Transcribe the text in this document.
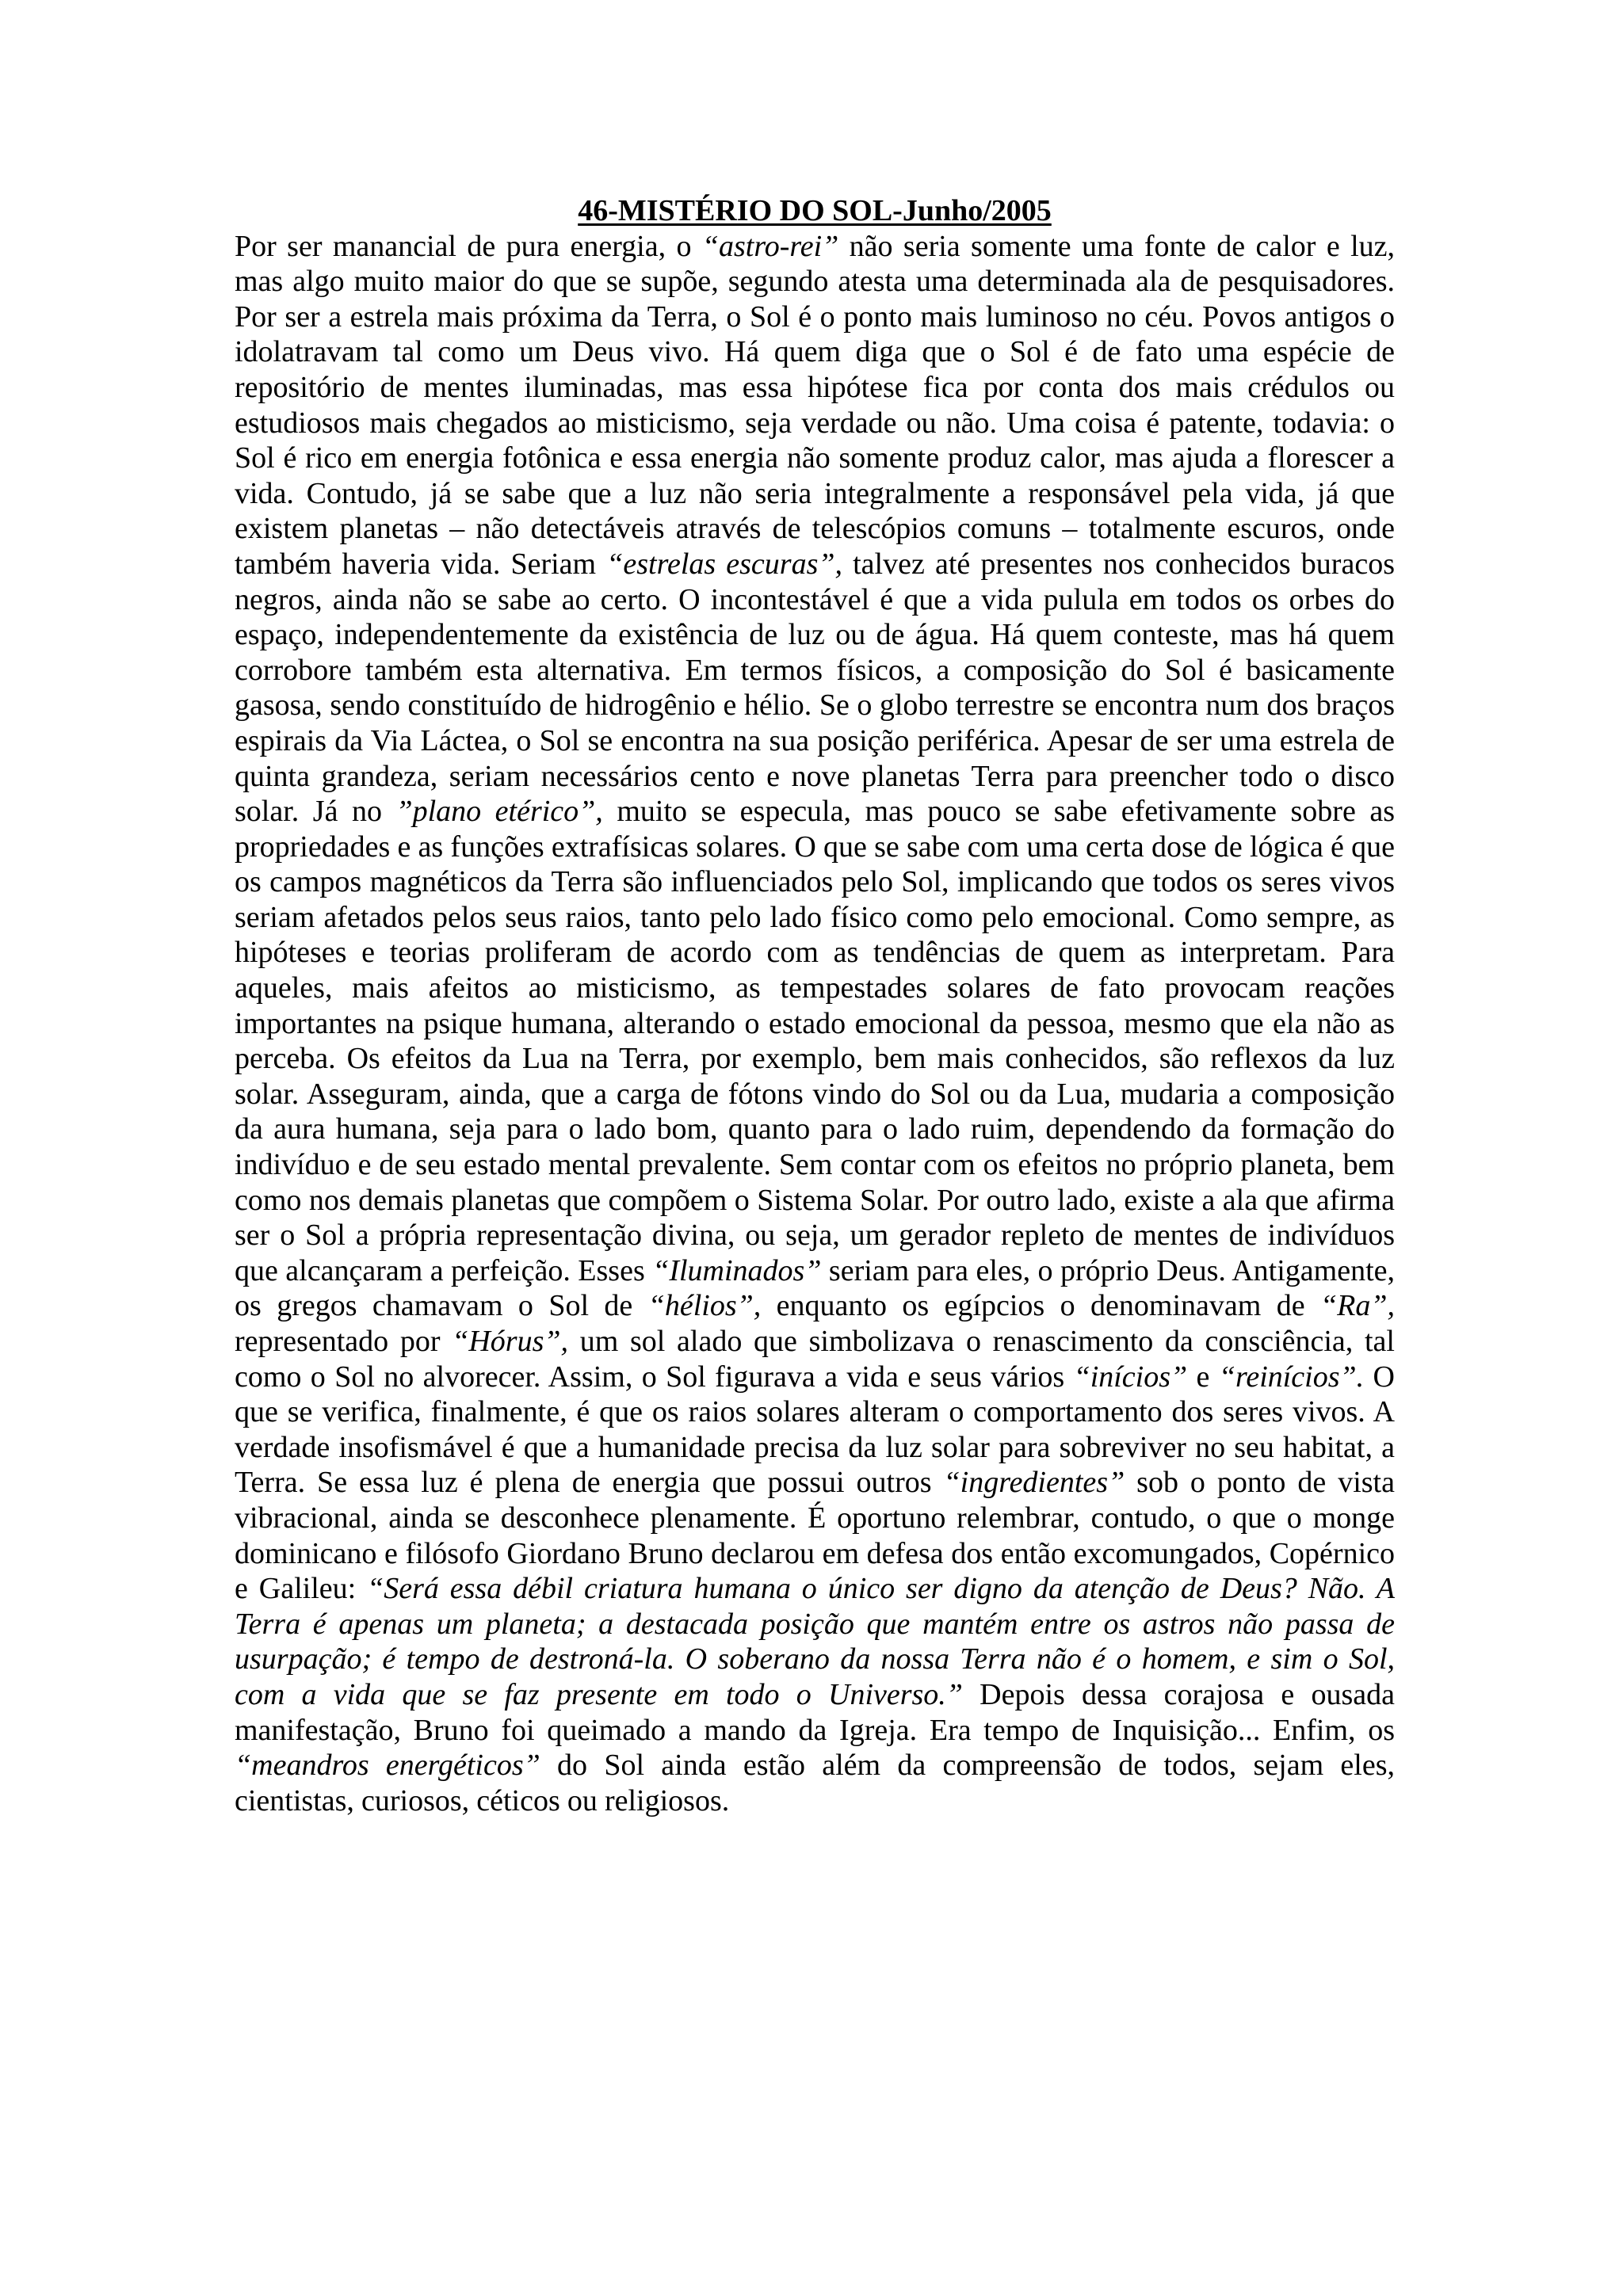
46-MISTÉRIO DO SOL-Junho/2005

Por ser manancial de pura energia, o “astro-rei” não seria somente uma fonte de calor e luz, mas algo muito maior do que se supõe, segundo atesta uma determinada ala de pesquisadores. Por ser a estrela mais próxima da Terra, o Sol é o ponto mais luminoso no céu. Povos antigos o idolatravam tal como um Deus vivo. Há quem diga que o Sol é de fato uma espécie de repositório de mentes iluminadas, mas essa hipótese fica por conta dos mais crédulos ou estudiosos mais chegados ao misticismo, seja verdade ou não. Uma coisa é patente, todavia: o Sol é rico em energia fotônica e essa energia não somente produz calor, mas ajuda a florescer a vida. Contudo, já se sabe que a luz não seria integralmente a responsável pela vida, já que existem planetas – não detectáveis através de telescópios comuns – totalmente escuros, onde também haveria vida. Seriam “estrelas escuras”, talvez até presentes nos conhecidos buracos negros, ainda não se sabe ao certo. O incontestável é que a vida pulula em todos os orbes do espaço, independentemente da existência de luz ou de água. Há quem conteste, mas há quem corrobore também esta alternativa. Em termos físicos, a composição do Sol é basicamente gasosa, sendo constituído de hidrogênio e hélio. Se o globo terrestre se encontra num dos braços espirais da Via Láctea, o Sol se encontra na sua posição periférica. Apesar de ser uma estrela de quinta grandeza, seriam necessários cento e nove planetas Terra para preencher todo o disco solar. Já no ”plano etérico”, muito se especula, mas pouco se sabe efetivamente sobre as propriedades e as funções extrafísicas solares. O que se sabe com uma certa dose de lógica é que os campos magnéticos da Terra são influenciados pelo Sol, implicando que todos os seres vivos seriam afetados pelos seus raios, tanto pelo lado físico como pelo emocional. Como sempre, as hipóteses e teorias proliferam de acordo com as tendências de quem as interpretam. Para aqueles, mais afeitos ao misticismo, as tempestades solares de fato provocam reações importantes na psique humana, alterando o estado emocional da pessoa, mesmo que ela não as perceba. Os efeitos da Lua na Terra, por exemplo, bem mais conhecidos, são reflexos da luz solar. Asseguram, ainda, que a carga de fótons vindo do Sol ou da Lua, mudaria a composição da aura humana, seja para o lado bom, quanto para o lado ruim, dependendo da formação do indivíduo e de seu estado mental prevalente. Sem contar com os efeitos no próprio planeta, bem como nos demais planetas que compõem o Sistema Solar. Por outro lado, existe a ala que afirma ser o Sol a própria representação divina, ou seja, um gerador repleto de mentes de indivíduos que alcançaram a perfeição. Esses “Iluminados” seriam para eles, o próprio Deus. Antigamente, os gregos chamavam o Sol de “hélios”, enquanto os egípcios o denominavam de “Ra”, representado por “Hórus”, um sol alado que simbolizava o renascimento da consciência, tal como o Sol no alvorecer. Assim, o Sol figurava a vida e seus vários “inícios” e “reinícios”. O que se verifica, finalmente, é que os raios solares alteram o comportamento dos seres vivos. A verdade insofismável é que a humanidade precisa da luz solar para sobreviver no seu habitat, a Terra. Se essa luz é plena de energia que possui outros “ingredientes” sob o ponto de vista vibracional, ainda se desconhece plenamente. É oportuno relembrar, contudo, o que o monge dominicano e filósofo Giordano Bruno declarou em defesa dos então excomungados, Copérnico e Galileu: “Será essa débil criatura humana o único ser digno da atenção de Deus? Não. A Terra é apenas um planeta; a destacada posição que mantém entre os astros não passa de usurpação; é tempo de destroná-la. O soberano da nossa Terra não é o homem, e sim o Sol, com a vida que se faz presente em todo o Universo.” Depois dessa corajosa e ousada manifestação, Bruno foi queimado a mando da Igreja. Era tempo de Inquisição... Enfim, os “meandros energéticos” do Sol ainda estão além da compreensão de todos, sejam eles, cientistas, curiosos, céticos ou religiosos.
